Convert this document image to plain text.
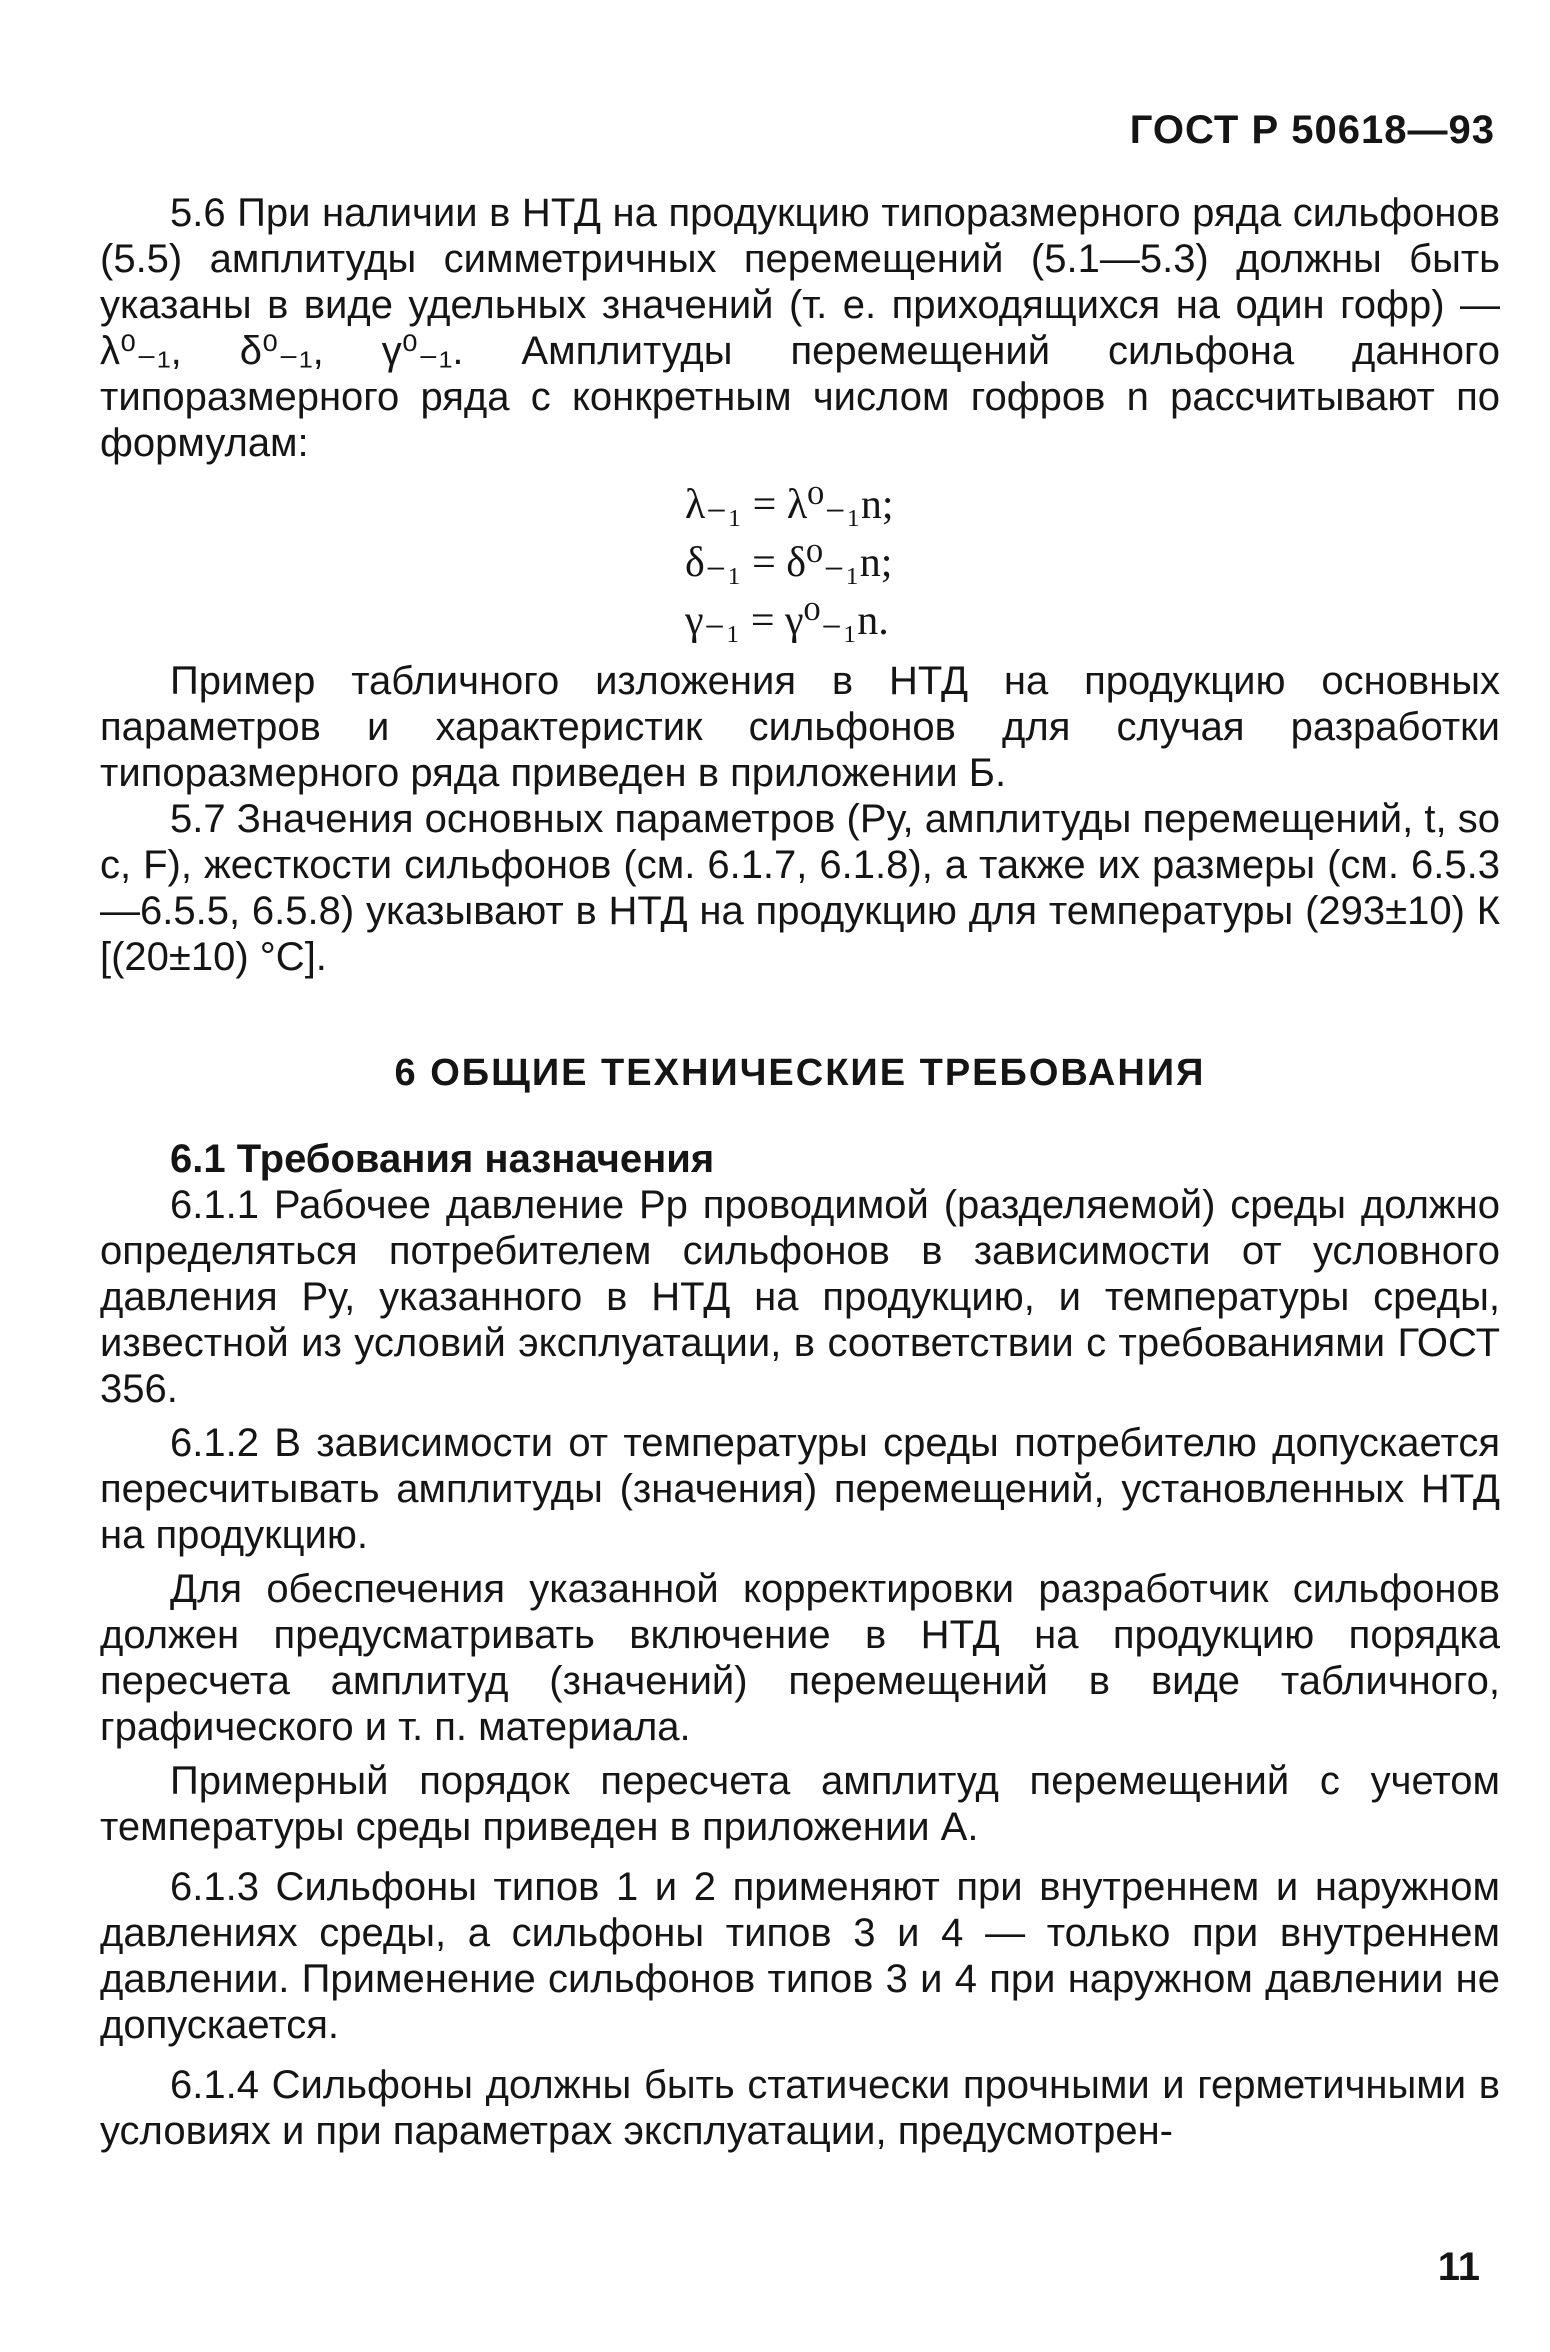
ГОСТ Р 50618—93

5.6 При наличии в НТД на продукцию типоразмерного ряда сильфонов (5.5) амплитуды симметричных перемещений (5.1—5.3) должны быть указаны в виде удельных значений (т. е. приходящихся на один гофр) — λ⁰₋₁, δ⁰₋₁, γ⁰₋₁. Амплитуды перемещений сильфона данного типоразмерного ряда с конкретным числом гофров n рассчитывают по формулам:

λ₋₁ = λ⁰₋₁n;
δ₋₁ = δ⁰₋₁n;
γ₋₁ = γ⁰₋₁n.

Пример табличного изложения в НТД на продукцию основных параметров и характеристик сильфонов для случая разработки типоразмерного ряда приведен в приложении Б.

5.7 Значения основных параметров (Pу, амплитуды перемещений, t, sо с, F), жесткости сильфонов (см. 6.1.7, 6.1.8), а также их размеры (см. 6.5.3—6.5.5, 6.5.8) указывают в НТД на продукцию для температуры (293±10) К [(20±10) °С].

6 ОБЩИЕ ТЕХНИЧЕСКИЕ ТРЕБОВАНИЯ

6.1 Требования назначения

6.1.1 Рабочее давление Pр проводимой (разделяемой) среды должно определяться потребителем сильфонов в зависимости от условного давления Pу, указанного в НТД на продукцию, и температуры среды, известной из условий эксплуатации, в соответствии с требованиями ГОСТ 356.

6.1.2 В зависимости от температуры среды потребителю допускается пересчитывать амплитуды (значения) перемещений, установленных НТД на продукцию.

Для обеспечения указанной корректировки разработчик сильфонов должен предусматривать включение в НТД на продукцию порядка пересчета амплитуд (значений) перемещений в виде табличного, графического и т. п. материала.

Примерный порядок пересчета амплитуд перемещений с учетом температуры среды приведен в приложении А.

6.1.3 Сильфоны типов 1 и 2 применяют при внутреннем и наружном давлениях среды, а сильфоны типов 3 и 4 — только при внутреннем давлении. Применение сильфонов типов 3 и 4 при наружном давлении не допускается.

6.1.4 Сильфоны должны быть статически прочными и герметичными в условиях и при параметрах эксплуатации, предусмотрен-

11
